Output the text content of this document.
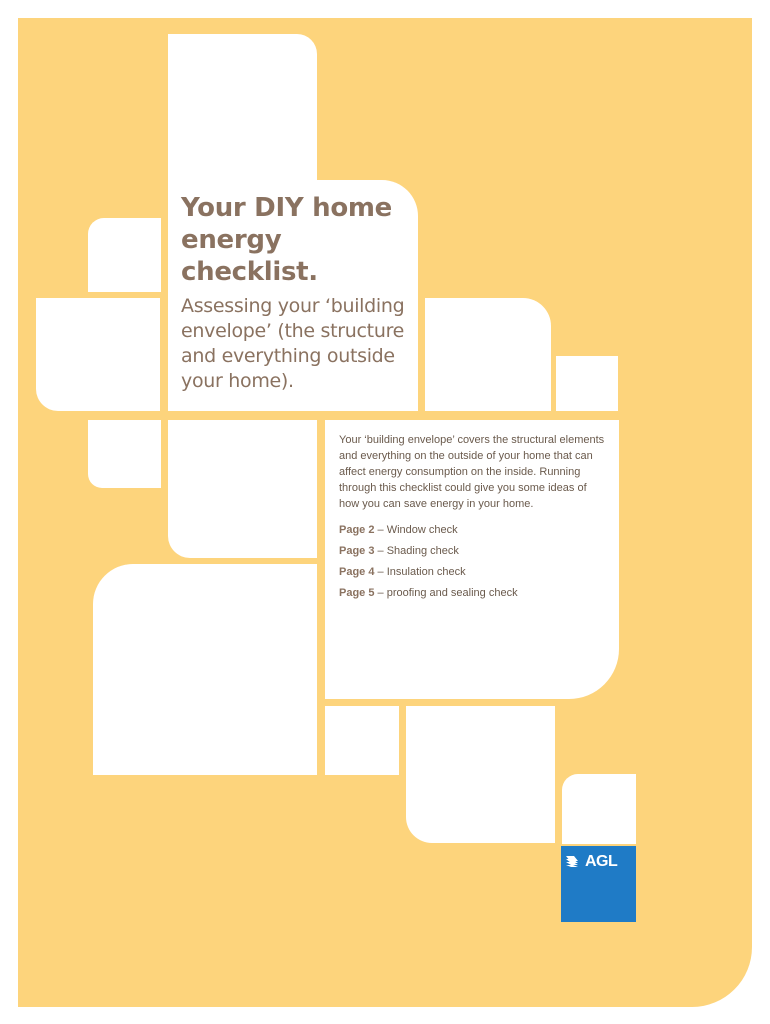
Your DIY home energy checklist.

Assessing your ‘building envelope’ (the structure and everything outside your home).

Your ‘building envelope’ covers the structural elements and everything on the outside of your home that can affect energy consumption on the inside. Running through this checklist could give you some ideas of how you can save energy in your home.

Page 2 – Window check
Page 3 – Shading check
Page 4 – Insulation check
Page 5 – proofing and sealing check
AGL
